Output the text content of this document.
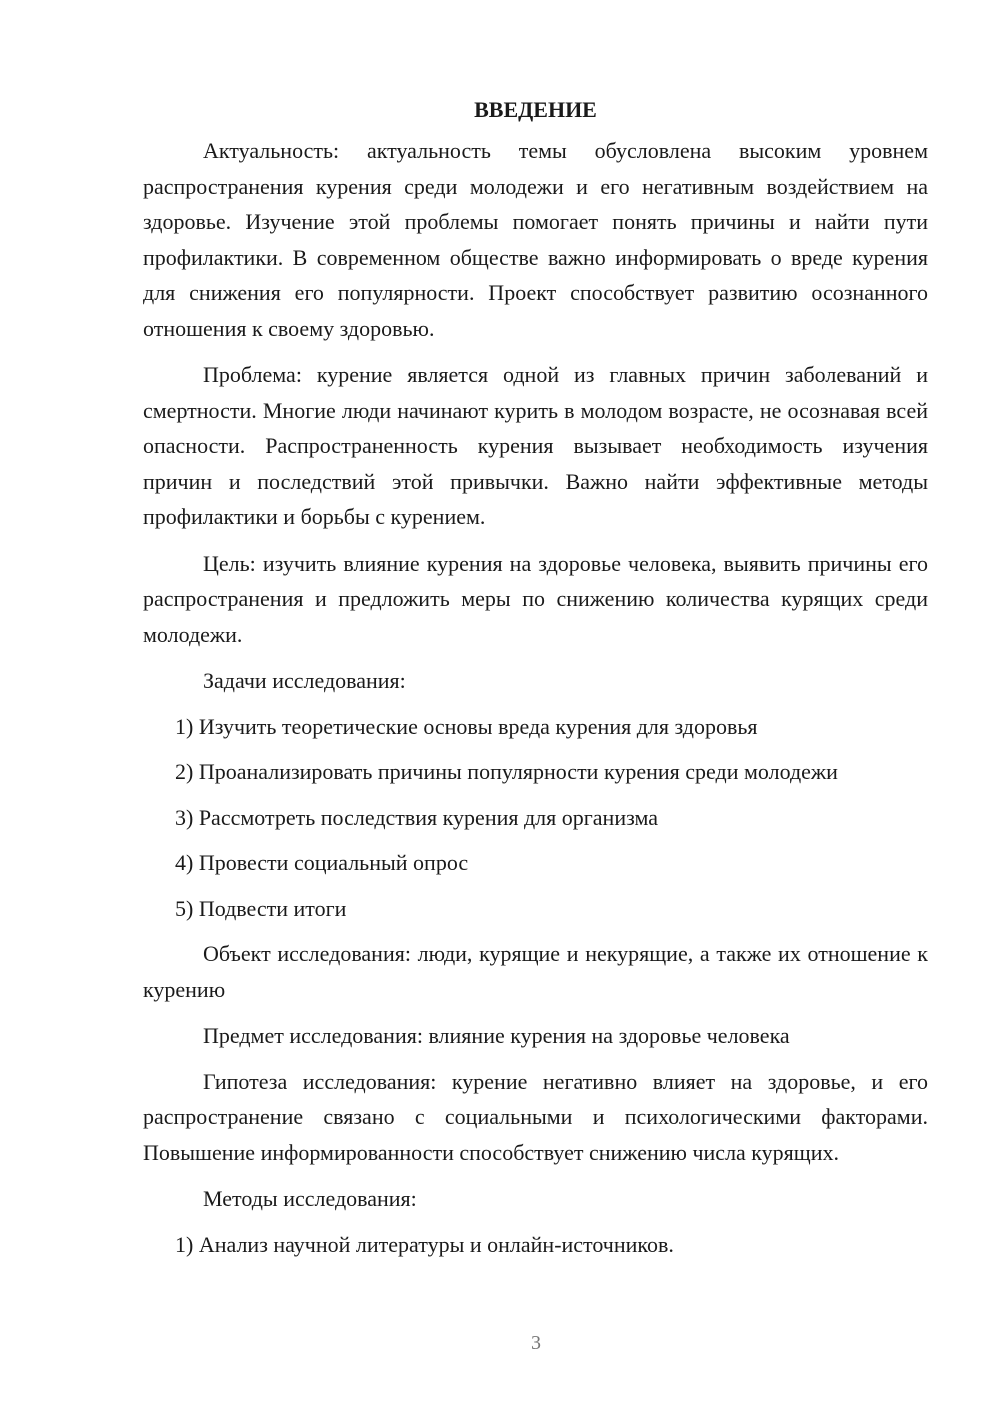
ВВЕДЕНИЕ

Актуальность: актуальность темы обусловлена высоким уровнем распространения курения среди молодежи и его негативным воздействием на здоровье. Изучение этой проблемы помогает понять причины и найти пути профилактики. В современном обществе важно информировать о вреде курения для снижения его популярности. Проект способствует развитию осознанного отношения к своему здоровью.

Проблема: курение является одной из главных причин заболеваний и смертности. Многие люди начинают курить в молодом возрасте, не осознавая всей опасности. Распространенность курения вызывает необходимость изучения причин и последствий этой привычки. Важно найти эффективные методы профилактики и борьбы с курением.

Цель: изучить влияние курения на здоровье человека, выявить причины его распространения и предложить меры по снижению количества курящих среди молодежи.

Задачи исследования:

1) Изучить теоретические основы вреда курения для здоровья

2) Проанализировать причины популярности курения среди молодежи

3) Рассмотреть последствия курения для организма

4) Провести социальный опрос

5) Подвести итоги

Объект исследования: люди, курящие и некурящие, а также их отношение к курению

Предмет исследования: влияние курения на здоровье человека

Гипотеза исследования: курение негативно влияет на здоровье, и его распространение связано с социальными и психологическими факторами. Повышение информированности способствует снижению числа курящих.

Методы исследования:

1) Анализ научной литературы и онлайн-источников.

3
